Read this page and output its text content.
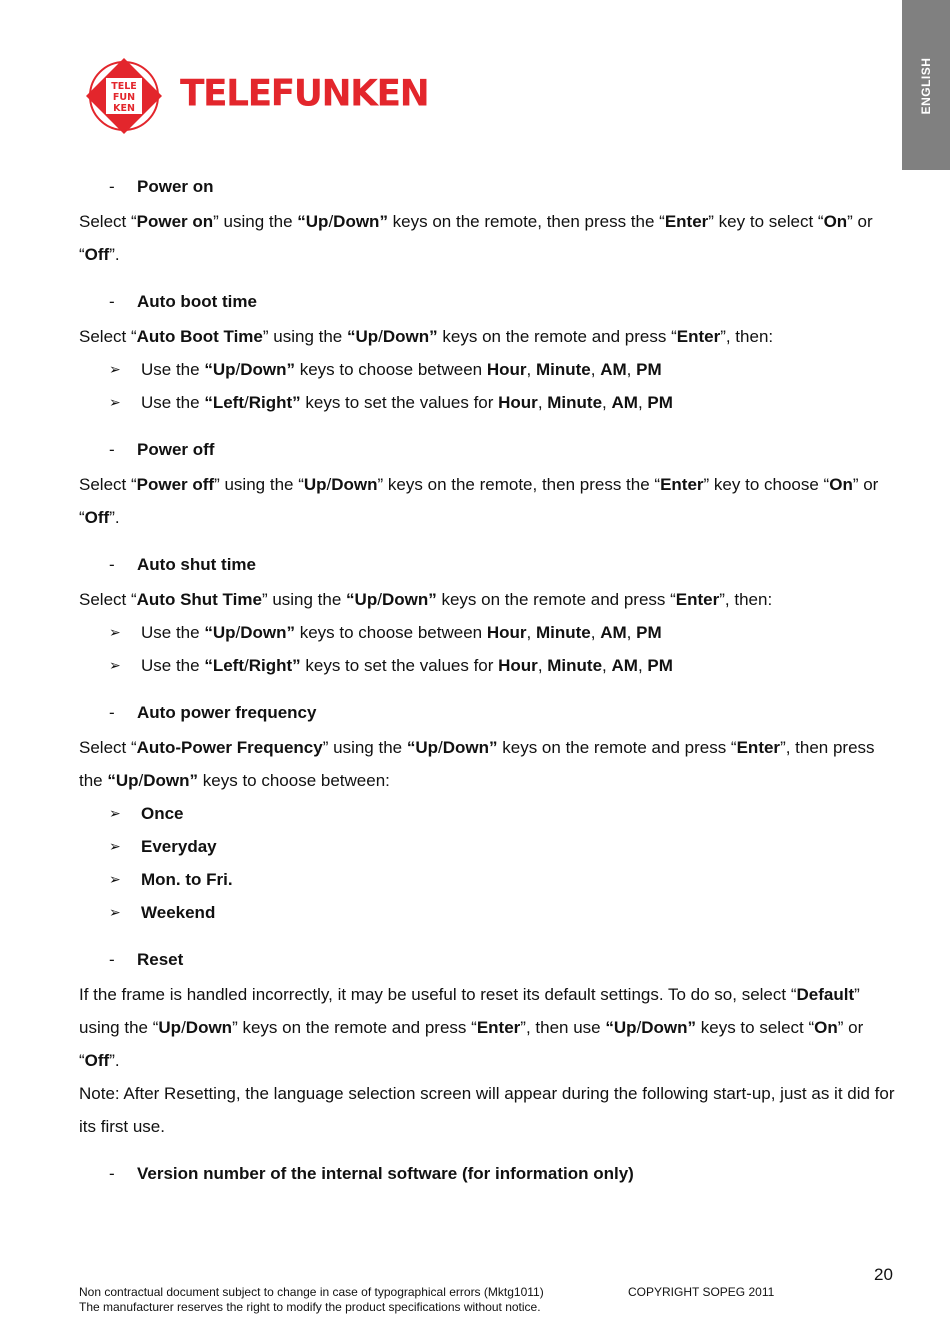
ENGLISH
TELE
FUN
KEN TELEFUNKEN
- Power on
Select “Power on” using the “Up/Down” keys on the remote, then press the “Enter” key to select “On” or “Off”.
- Auto boot time
Select “Auto Boot Time” using the “Up/Down” keys on the remote and press “Enter”, then:
➢ Use the “Up/Down” keys to choose between Hour, Minute, AM, PM
➢ Use the “Left/Right” keys to set the values for Hour, Minute, AM, PM
- Power off
Select “Power off” using the “Up/Down” keys on the remote, then press the “Enter” key to choose “On” or “Off”.
- Auto shut time
Select “Auto Shut Time” using the “Up/Down” keys on the remote and press “Enter”, then:
➢ Use the “Up/Down” keys to choose between Hour, Minute, AM, PM
➢ Use the “Left/Right” keys to set the values for Hour, Minute, AM, PM
- Auto power frequency
Select “Auto-Power Frequency” using the “Up/Down” keys on the remote and press “Enter”, then press the “Up/Down” keys to choose between:
➢ Once
➢ Everyday
➢ Mon. to Fri.
➢ Weekend
- Reset
If the frame is handled incorrectly, it may be useful to reset its default settings. To do so, select “Default” using the “Up/Down” keys on the remote and press “Enter”, then use “Up/Down” keys to select “On” or “Off”.
Note: After Resetting, the language selection screen will appear during the following start-up, just as it did for its first use.
- Version number of the internal software (for information only)
20
Non contractual document subject to change in case of typographical errors (Mktg1011)
The manufacturer reserves the right to modify the product specifications without notice.
COPYRIGHT SOPEG 2011
